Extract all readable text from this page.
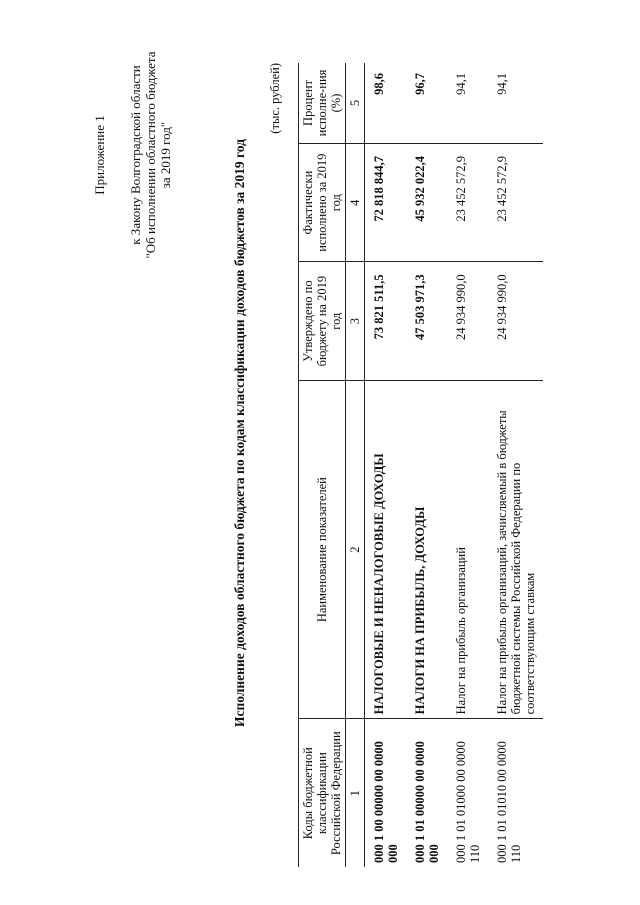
Приложение 1 к Закону Волгоградской области "Об исполнении областного бюджета за 2019 год"	Исполнение доходов областного бюджета по кодам классификации доходов бюджетов за 2019 год
(тыс. рублей)
Коды бюджетной классификации Российской Федерации	Наименование показателей	Утверждено по бюджету на 2019 год	Фактически исполнено за 2019 год	Процент исполне-ния (%)
1	2	3	4	5
000 1 00 00000 00 0000 000	НАЛОГОВЫЕ И НЕНАЛОГОВЫЕ ДОХОДЫ	73 821 511,5	72 818 844,7	98,6
000 1 01 00000 00 0000 000	НАЛОГИ НА ПРИБЫЛЬ, ДОХОДЫ	47 503 971,3	45 932 022,4	96,7
000 1 01 01000 00 0000 110	Налог на прибыль организаций	24 934 990,0	23 452 572,9	94,1
000 1 01 01010 00 0000 110	Налог на прибыль организаций, зачисляемый в бюджеты бюджетной системы Российской Федерации по соответствующим ставкам	24 934 990,0	23 452 572,9	94,1
